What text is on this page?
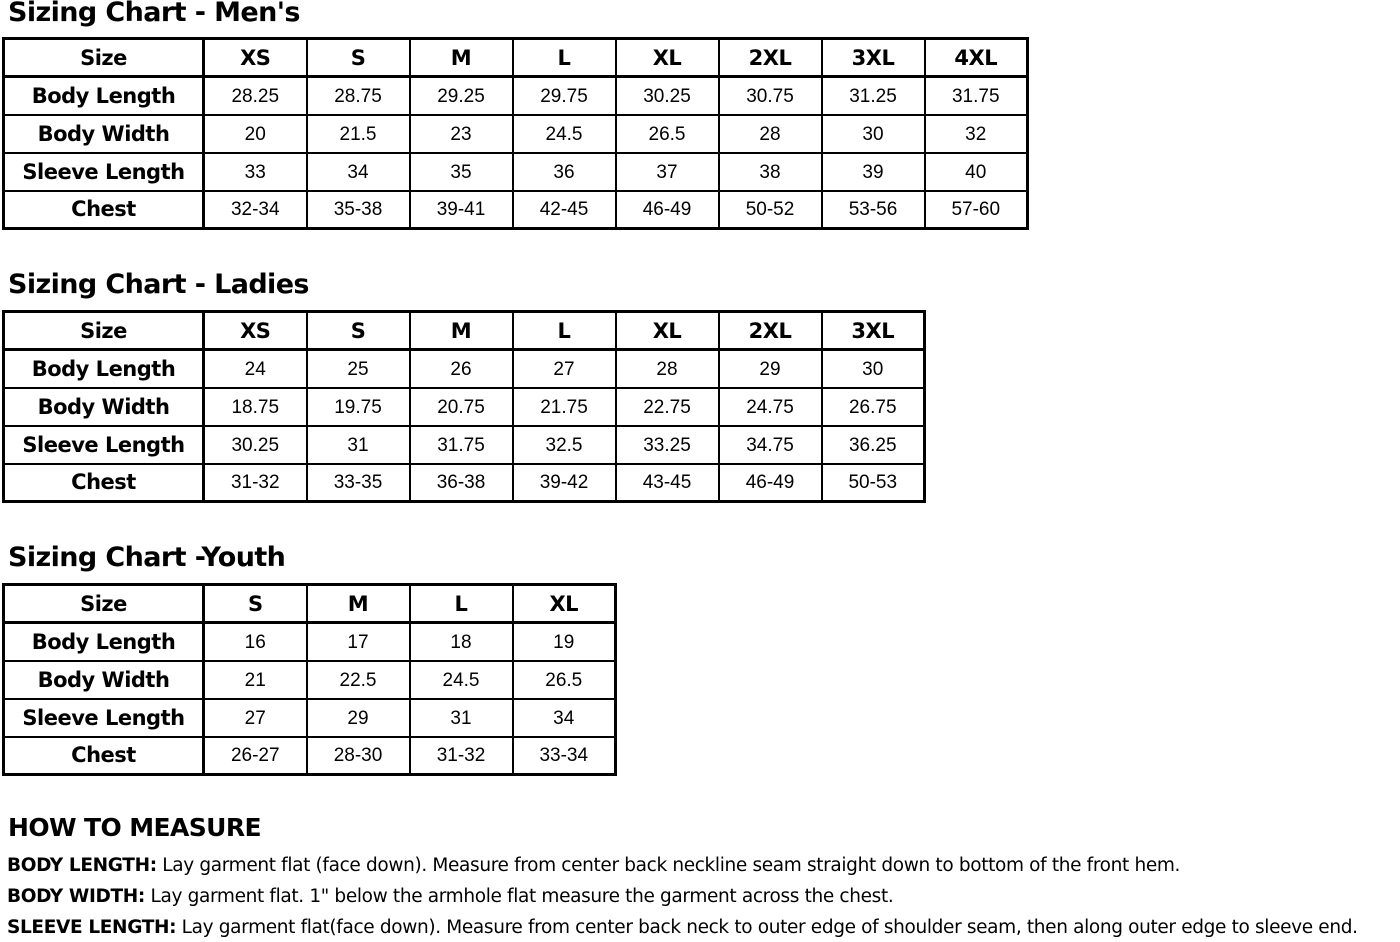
Sizing Chart - Men's
Size	XS	S	M	L	XL	2XL	3XL	4XL
Body Length	28.25	28.75	29.25	29.75	30.25	30.75	31.25	31.75
Body Width	20	21.5	23	24.5	26.5	28	30	32
Sleeve Length	33	34	35	36	37	38	39	40
Chest	32-34	35-38	39-41	42-45	46-49	50-52	53-56	57-60
Sizing Chart - Ladies
Size	XS	S	M	L	XL	2XL	3XL
Body Length	24	25	26	27	28	29	30
Body Width	18.75	19.75	20.75	21.75	22.75	24.75	26.75
Sleeve Length	30.25	31	31.75	32.5	33.25	34.75	36.25
Chest	31-32	33-35	36-38	39-42	43-45	46-49	50-53
Sizing Chart -Youth
Size	S	M	L	XL
Body Length	16	17	18	19
Body Width	21	22.5	24.5	26.5
Sleeve Length	27	29	31	34
Chest	26-27	28-30	31-32	33-34
HOW TO MEASURE

BODY LENGTH: Lay garment flat (face down). Measure from center back neckline seam straight down to bottom of the front hem.

BODY WIDTH: Lay garment flat. 1" below the armhole flat measure the garment across the chest.

SLEEVE LENGTH: Lay garment flat(face down). Measure from center back neck to outer edge of shoulder seam, then along outer edge to sleeve end.
